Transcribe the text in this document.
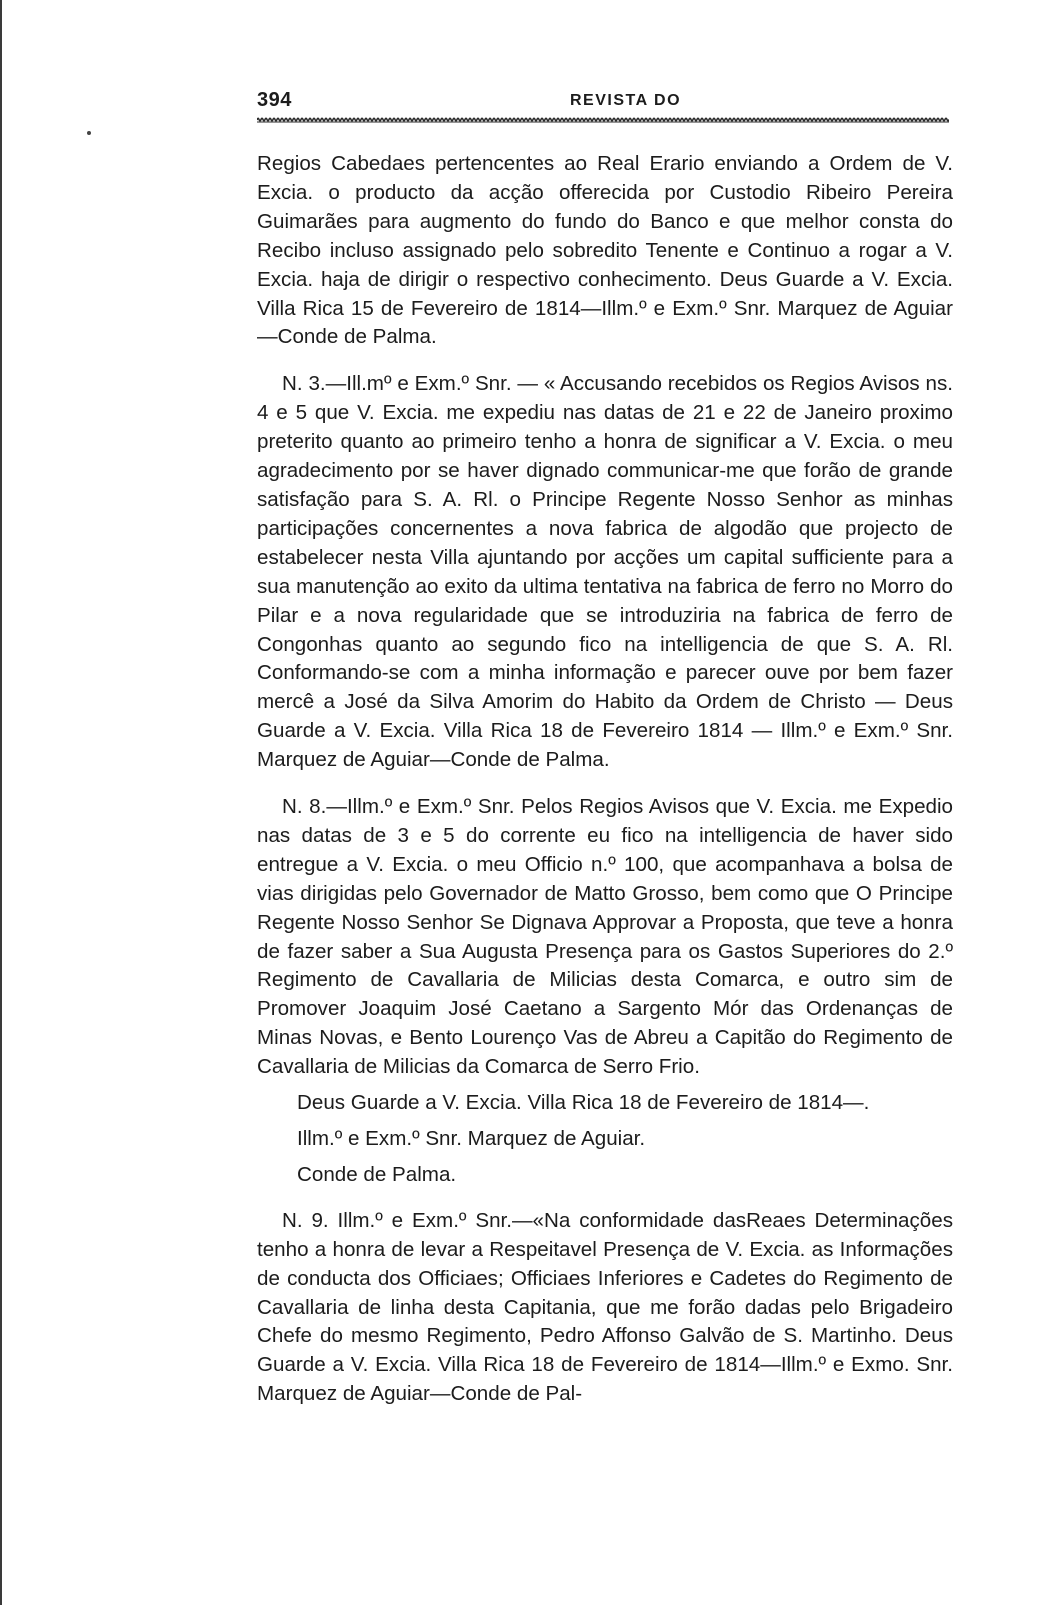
394	REVISTA DO

Regios Cabedaes pertencentes ao Real Erario enviando a Ordem de V. Excia. o producto da acção offerecida por Custodio Ribeiro Pereira Guimarães para augmento do fundo do Banco e que melhor consta do Recibo incluso assignado pelo sobredito Tenente e Continuo a rogar a V. Excia. haja de dirigir o respectivo conhecimento. Deus Guarde a V. Excia. Villa Rica 15 de Fevereiro de 1814—Illm.º e Exm.º Snr. Marquez de Aguiar—Conde de Palma.

N. 3.—Ill.mº e Exm.º Snr. — « Accusando recebidos os Regios Avisos ns. 4 e 5 que V. Excia. me expediu nas datas de 21 e 22 de Janeiro proximo preterito quanto ao primeiro tenho a honra de significar a V. Excia. o meu agradecimento por se haver dignado communicar-me que forão de grande satisfação para S. A. Rl. o Principe Regente Nosso Senhor as minhas participações concernentes a nova fabrica de algodão que projecto de estabelecer nesta Villa ajuntando por acções um capital sufficiente para a sua manutenção ao exito da ultima tentativa na fabrica de ferro no Morro do Pilar e a nova regularidade que se introduziria na fabrica de ferro de Congonhas quanto ao segundo fico na intelligencia de que S. A. Rl. Conformando-se com a minha informação e parecer ouve por bem fazer mercê a José da Silva Amorim do Habito da Ordem de Christo — Deus Guarde a V. Excia. Villa Rica 18 de Fevereiro 1814 — Illm.º e Exm.º Snr. Marquez de Aguiar—Conde de Palma.

N. 8.—Illm.º e Exm.º Snr. Pelos Regios Avisos que V. Excia. me Expedio nas datas de 3 e 5 do corrente eu fico na intelligencia de haver sido entregue a V. Excia. o meu Officio n.º 100, que acompanhava a bolsa de vias dirigidas pelo Governador de Matto Grosso, bem como que O Principe Regente Nosso Senhor Se Dignava Approvar a Proposta, que teve a honra de fazer saber a Sua Augusta Presença para os Gastos Superiores do 2.º Regimento de Cavallaria de Milicias desta Comarca, e outro sim de Promover Joaquim José Caetano a Sargento Mór das Ordenanças de Minas Novas, e Bento Lourenço Vas de Abreu a Capitão do Regimento de Cavallaria de Milicias da Comarca de Serro Frio.

Deus Guarde a V. Excia. Villa Rica 18 de Fevereiro de 1814—.

Illm.º e Exm.º Snr. Marquez de Aguiar.

Conde de Palma.

N. 9. Illm.º e Exm.º Snr.—«Na conformidade dasReaes Determinações tenho a honra de levar a Respeitavel Presença de V. Excia. as Informações de conducta dos Officiaes; Officiaes Inferiores e Cadetes do Regimento de Cavallaria de linha desta Capitania, que me forão dadas pelo Brigadeiro Chefe do mesmo Regimento, Pedro Affonso Galvão de S. Martinho. Deus Guarde a V. Excia. Villa Rica 18 de Fevereiro de 1814—Illm.º e Exmo. Snr. Marquez de Aguiar—Conde de Pal-
